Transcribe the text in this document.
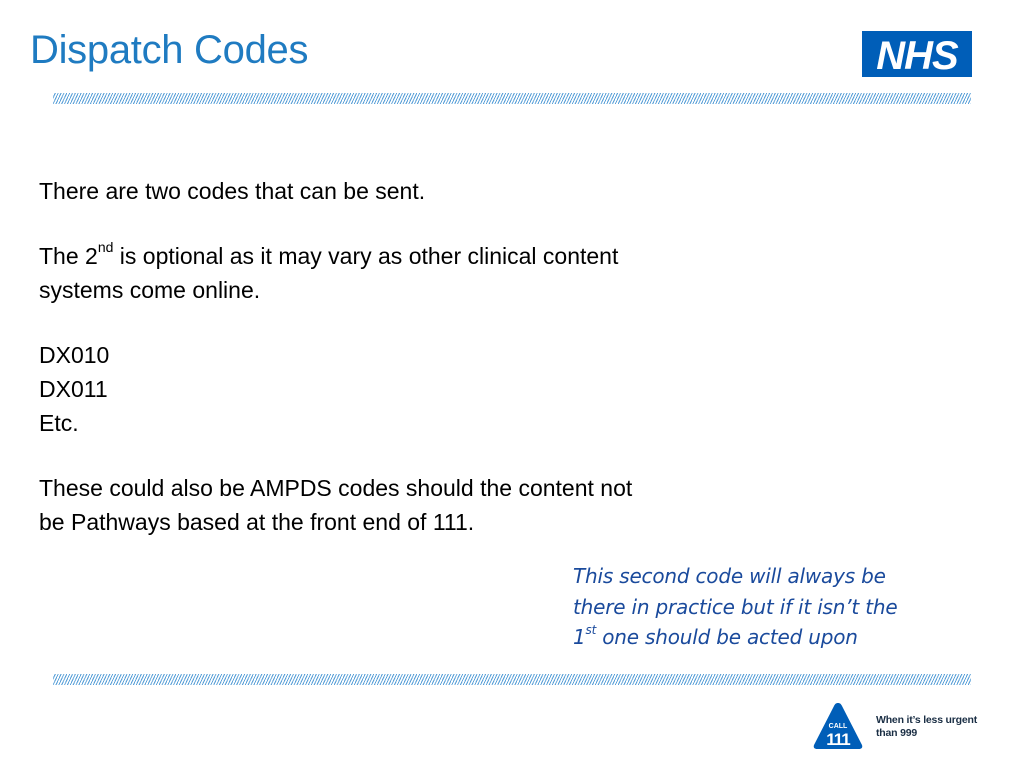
Dispatch Codes	NHS

There are two codes that can be sent.

The 2nd is optional as it may vary as other clinical content

systems come online.

DX010

DX011

Etc.

These could also be AMPDS codes should the content not

be Pathways based at the front end of 111.

This second code will always be
there in practice but if it isn’t the
1st one should be acted upon
CALL
111
When it’s less urgent
than 999
